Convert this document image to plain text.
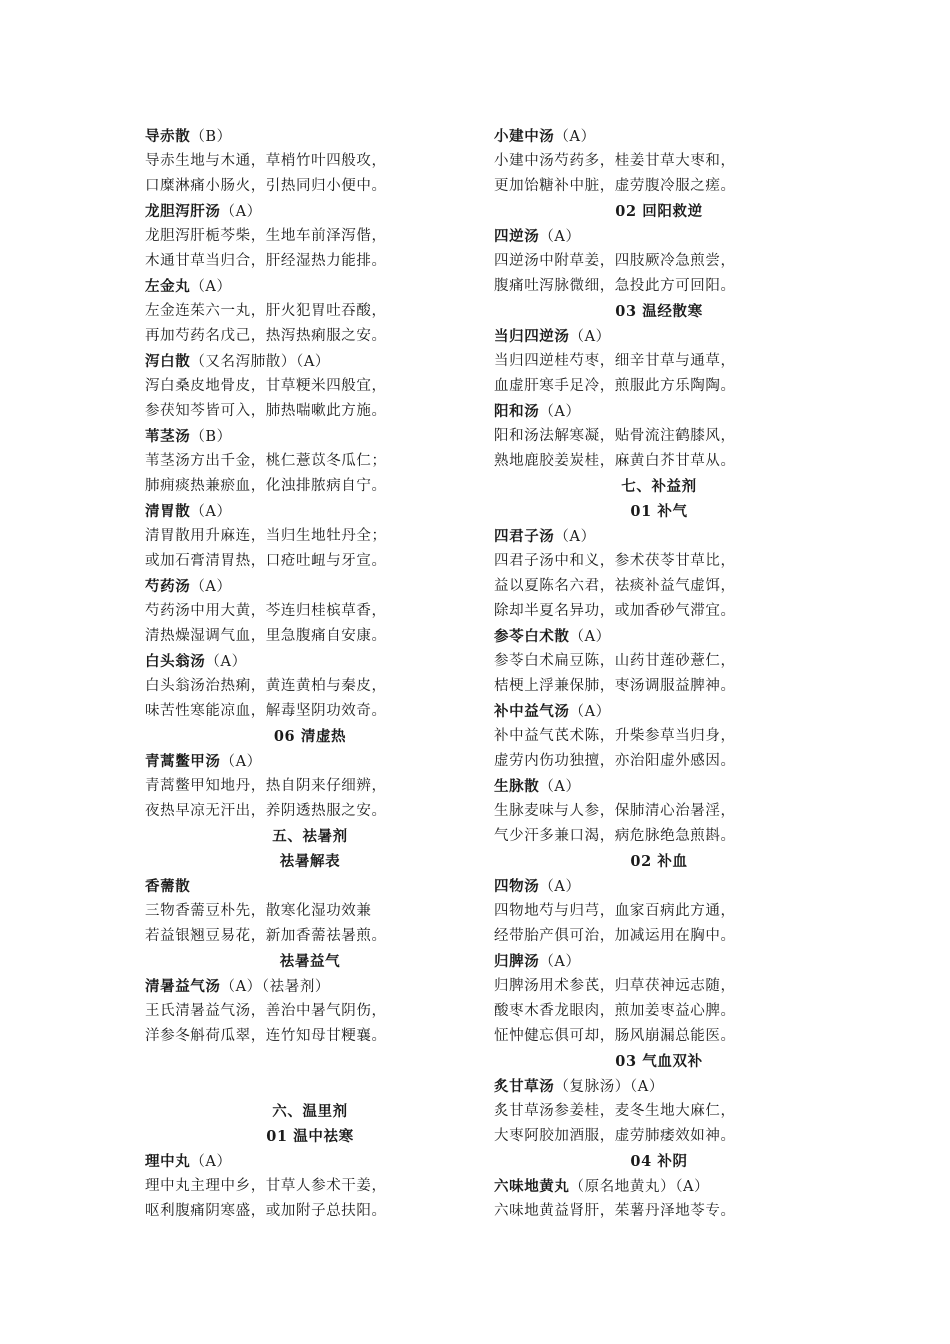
导赤散（B）
导赤生地与木通，草梢竹叶四般攻，
口糜淋痛小肠火，引热同归小便中。
龙胆泻肝汤（A）
龙胆泻肝栀芩柴，生地车前泽泻偕，
木通甘草当归合，肝经湿热力能排。
左金丸（A）
左金连茱六一丸，肝火犯胃吐吞酸，
再加芍药名戊己，热泻热痢服之安。
泻白散（又名泻肺散）（A）
泻白桑皮地骨皮，甘草粳米四般宜，
参茯知芩皆可入，肺热喘嗽此方施。
苇茎汤（B）
苇茎汤方出千金，桃仁薏苡冬瓜仁；
肺痈痰热兼瘀血，化浊排脓病自宁。
清胃散（A）
清胃散用升麻连，当归生地牡丹全；
或加石膏清胃热，口疮吐衄与牙宣。
芍药汤（A）
芍药汤中用大黄，芩连归桂槟草香，
清热燥湿调气血，里急腹痛自安康。
白头翁汤（A）
白头翁汤治热痢，黄连黄柏与秦皮，
味苦性寒能凉血，解毒坚阴功效奇。
06 清虚热
青蒿鳖甲汤（A）
青蒿鳖甲知地丹，热自阴来仔细辨，
夜热早凉无汗出，养阴透热服之安。
五、祛暑剂
祛暑解表
香薷散
三物香薷豆朴先，散寒化湿功效兼
若益银翘豆易花，新加香薷祛暑煎。
祛暑益气
清暑益气汤（A）（祛暑剂）
王氏清暑益气汤，善治中暑气阴伤，
洋参冬斛荷瓜翠，连竹知母甘粳襄。
六、温里剂
01 温中祛寒
理中丸（A）
理中丸主理中乡，甘草人参术干姜，
呕利腹痛阴寒盛，或加附子总扶阳。
小建中汤（A）
小建中汤芍药多，桂姜甘草大枣和，
更加饴糖补中脏，虚劳腹冷服之瘥。
02 回阳救逆
四逆汤（A）
四逆汤中附草姜，四肢厥冷急煎尝，
腹痛吐泻脉微细，急投此方可回阳。
03 温经散寒
当归四逆汤（A）
当归四逆桂芍枣，细辛甘草与通草，
血虚肝寒手足冷，煎服此方乐陶陶。
阳和汤（A）
阳和汤法解寒凝，贴骨流注鹤膝风，
熟地鹿胶姜炭桂，麻黄白芥甘草从。
七、补益剂
01 补气
四君子汤（A）
四君子汤中和义，参术茯苓甘草比，
益以夏陈名六君，祛痰补益气虚饵，
除却半夏名异功，或加香砂气滞宜。
参苓白术散（A）
参苓白术扁豆陈，山药甘莲砂薏仁，
桔梗上浮兼保肺，枣汤调服益脾神。
补中益气汤（A）
补中益气芪术陈，升柴参草当归身，
虚劳内伤功独擅，亦治阳虚外感因。
生脉散（A）
生脉麦味与人参，保肺清心治暑淫，
气少汗多兼口渴，病危脉绝急煎斟。
02 补血
四物汤（A）
四物地芍与归芎，血家百病此方通，
经带胎产俱可治，加减运用在胸中。
归脾汤（A）
归脾汤用术参芪，归草茯神远志随，
酸枣木香龙眼肉，煎加姜枣益心脾。
怔忡健忘俱可却，肠风崩漏总能医。
03 气血双补
炙甘草汤（复脉汤）（A）
炙甘草汤参姜桂，麦冬生地大麻仁，
大枣阿胶加酒服，虚劳肺痿效如神。
04 补阴
六味地黄丸（原名地黄丸）（A）
六味地黄益肾肝，茱薯丹泽地苓专。
